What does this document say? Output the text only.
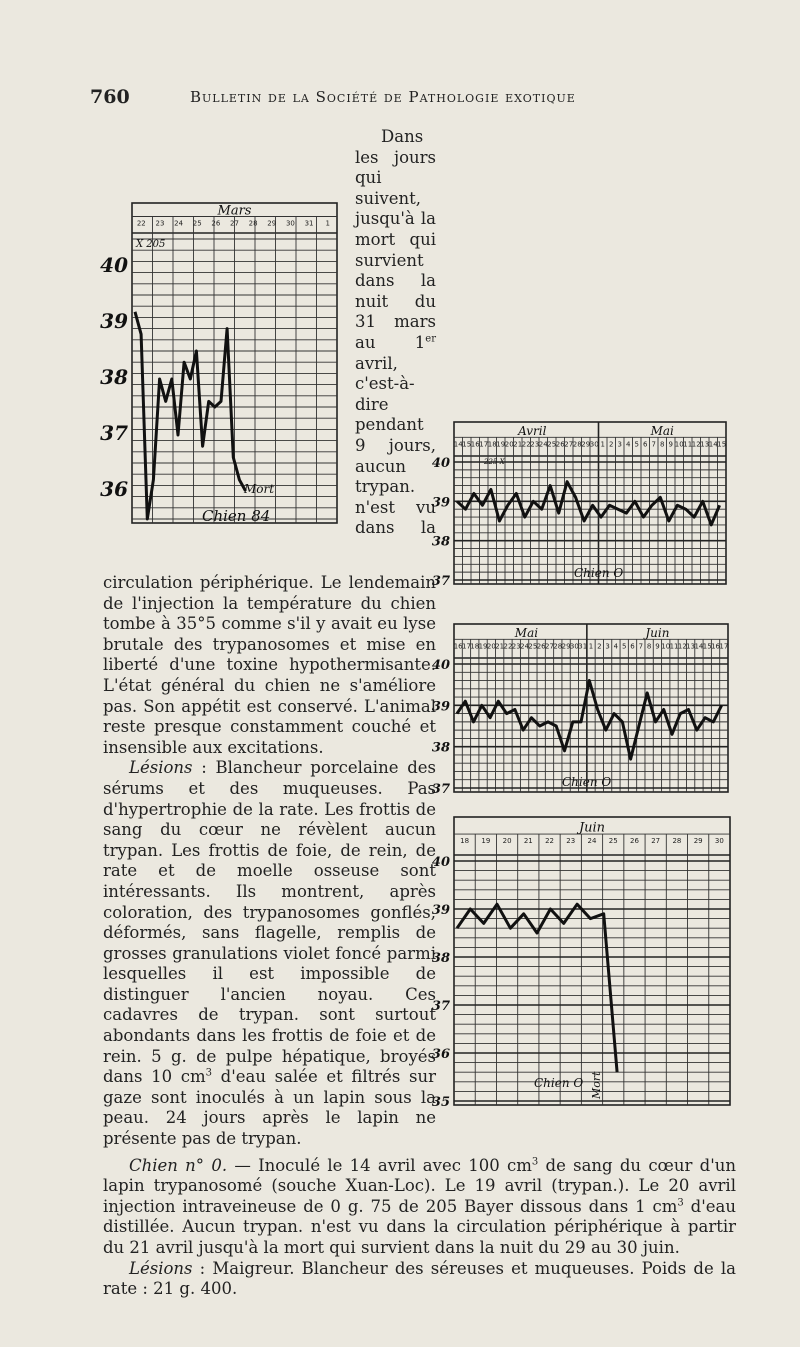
760	Bulletin de la Société de Pathologie exotique

Dans les jours qui suivent, jusqu'à la mort qui survient dans la nuit du 31 mars au 1er avril, c'est-à-dire pendant 9 jours, aucun trypan. n'est vu dans la circulation périphérique. Le lendemain de l'injection la température du chien tombe à 35°5 comme s'il y avait eu lyse brutale des trypanosomes et mise en liberté d'une toxine hypothermisante. L'état général du chien ne s'améliore pas. Son appétit est conservé. L'animal reste presque constamment couché et insensible aux excitations.

Lésions : Blancheur porcelaine des sérums et des muqueuses. Pas d'hypertrophie de la rate. Les frottis de sang du cœur ne révèlent aucun trypan. Les frottis de foie, de rein, de rate et de moelle osseuse sont intéressants. Ils montrent, après coloration, des trypanosomes gonflés, déformés, sans flagelle, remplis de grosses granulations violet foncé parmi lesquelles il est impossible de distinguer l'ancien noyau. Ces cadavres de trypan. sont surtout abondants dans les frottis de foie et de rein. 5 g. de pulpe hépatique, broyés dans 10 $cm^3$ d'eau salée et filtrés sur gaze sont inoculés à un lapin sous la peau. 24 jours après le lapin ne présente pas de trypan.

Chien n° 0. — Inoculé le 14 avril avec 100 $cm^3$ de sang du cœur d'un lapin trypanosomé (souche Xuan-Loc). Le 19 avril (trypan.). Le 20 avril injection intraveineuse de 0 g. 75 de 205 Bayer dissous dans 1 $cm^3$ d'eau distillée. Aucun trypan. n'est vu dans la circulation périphérique à partir du 21 avril jusqu'à la mort qui survient dans la nuit du 29 au 30 juin.

Lésions : Maigreur. Blancheur des séreuses et muqueuses. Poids de la rate : 21 g. 400.

Mars
22 23 24 25 26 27 28 29 30 31 1
40
39
38
37
36
Chien 84
X 205
Mort
Avril	Mai
14 15 16 17 18 19 20 21 22 23 24 25 26 27 28 29 30 1 2 3 4 5 6 7 8 9 10 11 12 13 14 15
40
39
38
37
Chien O
225 X
Mai	Juin
16 17 18 19 20 21 22 23 24 25 26 27 28 29 30 31 1 2 3 4 5 6 7 8 9 10 11 12 13 14 15 16 17
40
39
38
37	Chien O
Juin
18 19 20 21 22 23 24 25 26 27 28 29 30
40
39
38
37
36
35
Chien O Mort
